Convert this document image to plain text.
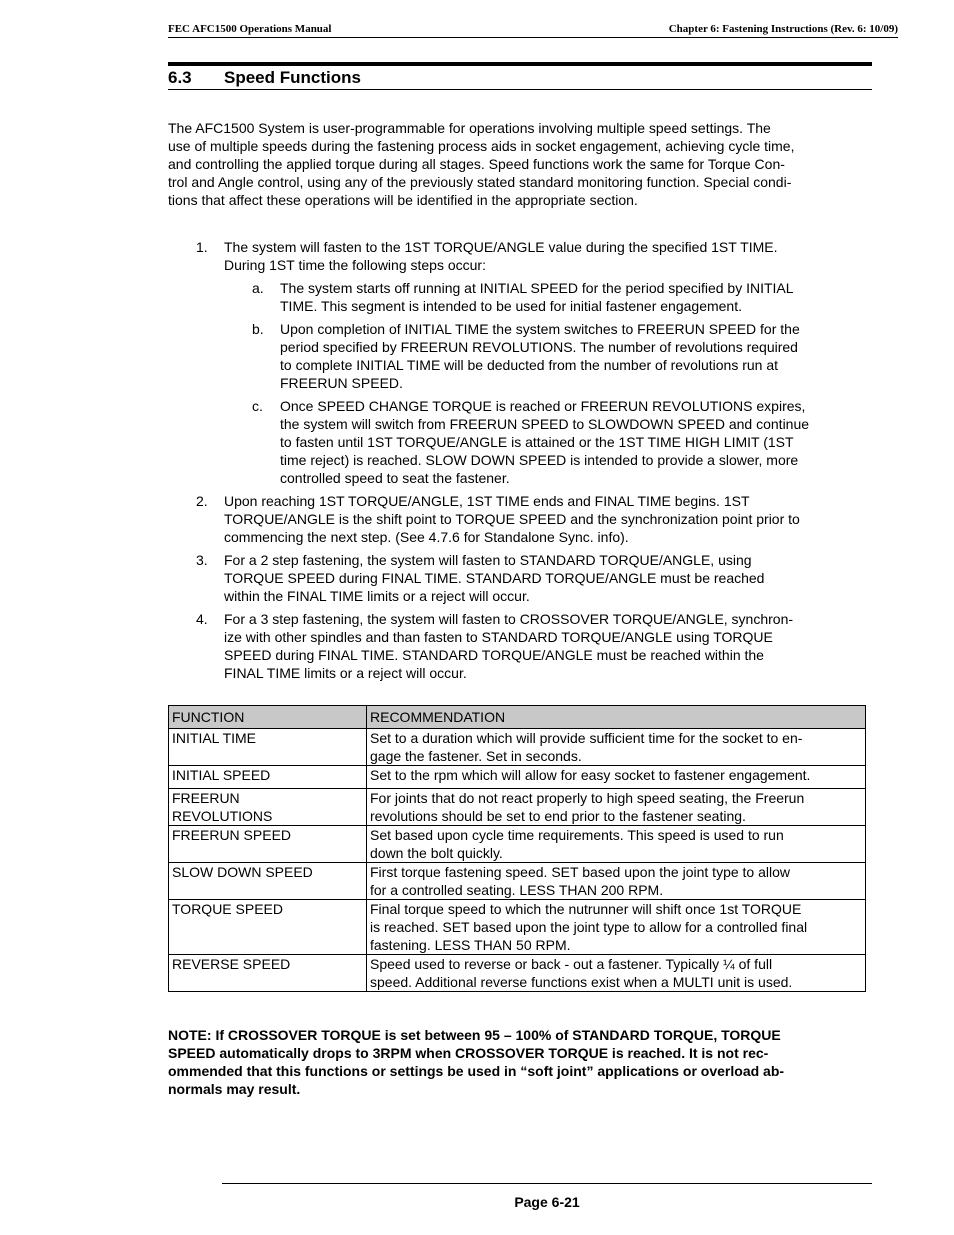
FEC AFC1500 Operations Manual	Chapter 6: Fastening Instructions (Rev. 6: 10/09)
6.3 Speed Functions

The AFC1500 System is user-programmable for operations involving multiple speed settings. The

use of multiple speeds during the fastening process aids in socket engagement, achieving cycle time,

and controlling the applied torque during all stages. Speed functions work the same for Torque Con-

trol and Angle control, using any of the previously stated standard monitoring function. Special condi-

tions that affect these operations will be identified in the appropriate section.

1. The system will fasten to the 1ST TORQUE/ANGLE value during the specified 1ST TIME.
During 1ST time the following steps occur:
a. The system starts off running at INITIAL SPEED for the period specified by INITIAL
TIME. This segment is intended to be used for initial fastener engagement.
b. Upon completion of INITIAL TIME the system switches to FREERUN SPEED for the
period specified by FREERUN REVOLUTIONS. The number of revolutions required
to complete INITIAL TIME will be deducted from the number of revolutions run at
FREERUN SPEED.
c. Once SPEED CHANGE TORQUE is reached or FREERUN REVOLUTIONS expires,
the system will switch from FREERUN SPEED to SLOWDOWN SPEED and continue
to fasten until 1ST TORQUE/ANGLE is attained or the 1ST TIME HIGH LIMIT (1ST
time reject) is reached. SLOW DOWN SPEED is intended to provide a slower, more
controlled speed to seat the fastener.
2. Upon reaching 1ST TORQUE/ANGLE, 1ST TIME ends and FINAL TIME begins. 1ST
TORQUE/ANGLE is the shift point to TORQUE SPEED and the synchronization point prior to
commencing the next step. (See 4.7.6 for Standalone Sync. info).
3. For a 2 step fastening, the system will fasten to STANDARD TORQUE/ANGLE, using
TORQUE SPEED during FINAL TIME. STANDARD TORQUE/ANGLE must be reached
within the FINAL TIME limits or a reject will occur.
4. For a 3 step fastening, the system will fasten to CROSSOVER TORQUE/ANGLE, synchron-
ize with other spindles and than fasten to STANDARD TORQUE/ANGLE using TORQUE
SPEED during FINAL TIME. STANDARD TORQUE/ANGLE must be reached within the
FINAL TIME limits or a reject will occur.
FUNCTION	RECOMMENDATION

INITIAL TIME	Set to a duration which will provide sufficient time for the socket to en-
gage the fastener. Set in seconds.

INITIAL SPEED	Set to the rpm which will allow for easy socket to fastener engagement.

FREERUN
REVOLUTIONS	For joints that do not react properly to high speed seating, the Freerun
revolutions should be set to end prior to the fastener seating.

FREERUN SPEED	Set based upon cycle time requirements. This speed is used to run
down the bolt quickly.

SLOW DOWN SPEED	First torque fastening speed. SET based upon the joint type to allow
for a controlled seating. LESS THAN 200 RPM.

TORQUE SPEED	Final torque speed to which the nutrunner will shift once 1st TORQUE
is reached. SET based upon the joint type to allow for a controlled final
fastening. LESS THAN 50 RPM.

REVERSE SPEED	Speed used to reverse or back - out a fastener. Typically ¼ of full
speed. Additional reverse functions exist when a MULTI unit is used.
NOTE: If CROSSOVER TORQUE is set between 95 – 100% of STANDARD TORQUE, TORQUE
SPEED automatically drops to 3RPM when CROSSOVER TORQUE is reached. It is not rec-
ommended that this functions or settings be used in “soft joint” applications or overload ab-
normals may result.
Page 6-21
